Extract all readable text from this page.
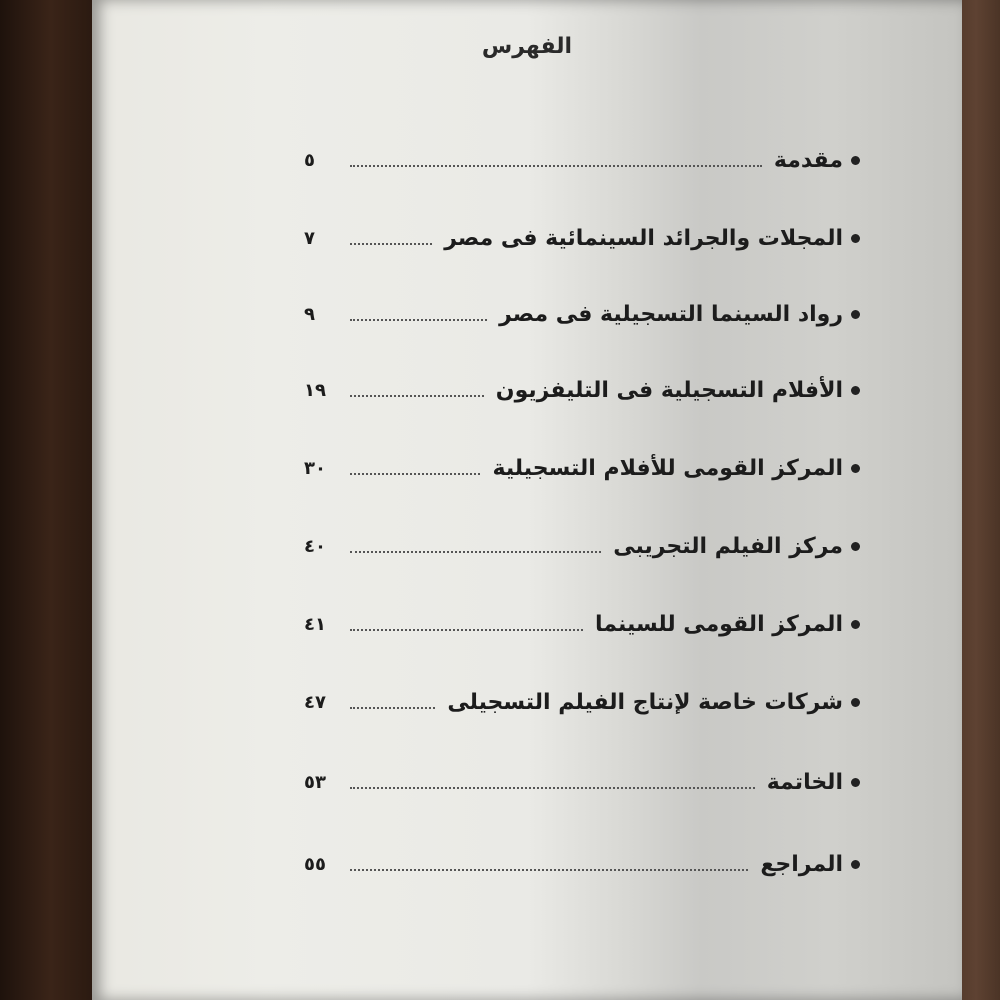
الفهرس
مقدمة
٥
المجلات والجرائد السينمائية فى مصر
٧
رواد السينما التسجيلية فى مصر
٩
الأفلام التسجيلية فى التليفزيون
١٩
المركز القومى للأفلام التسجيلية
٣٠
مركز الفيلم التجريبى
٤٠
المركز القومى للسينما
٤١
شركات خاصة لإنتاج الفيلم التسجيلى
٤٧
الخاتمة
٥٣
المراجع
٥٥
